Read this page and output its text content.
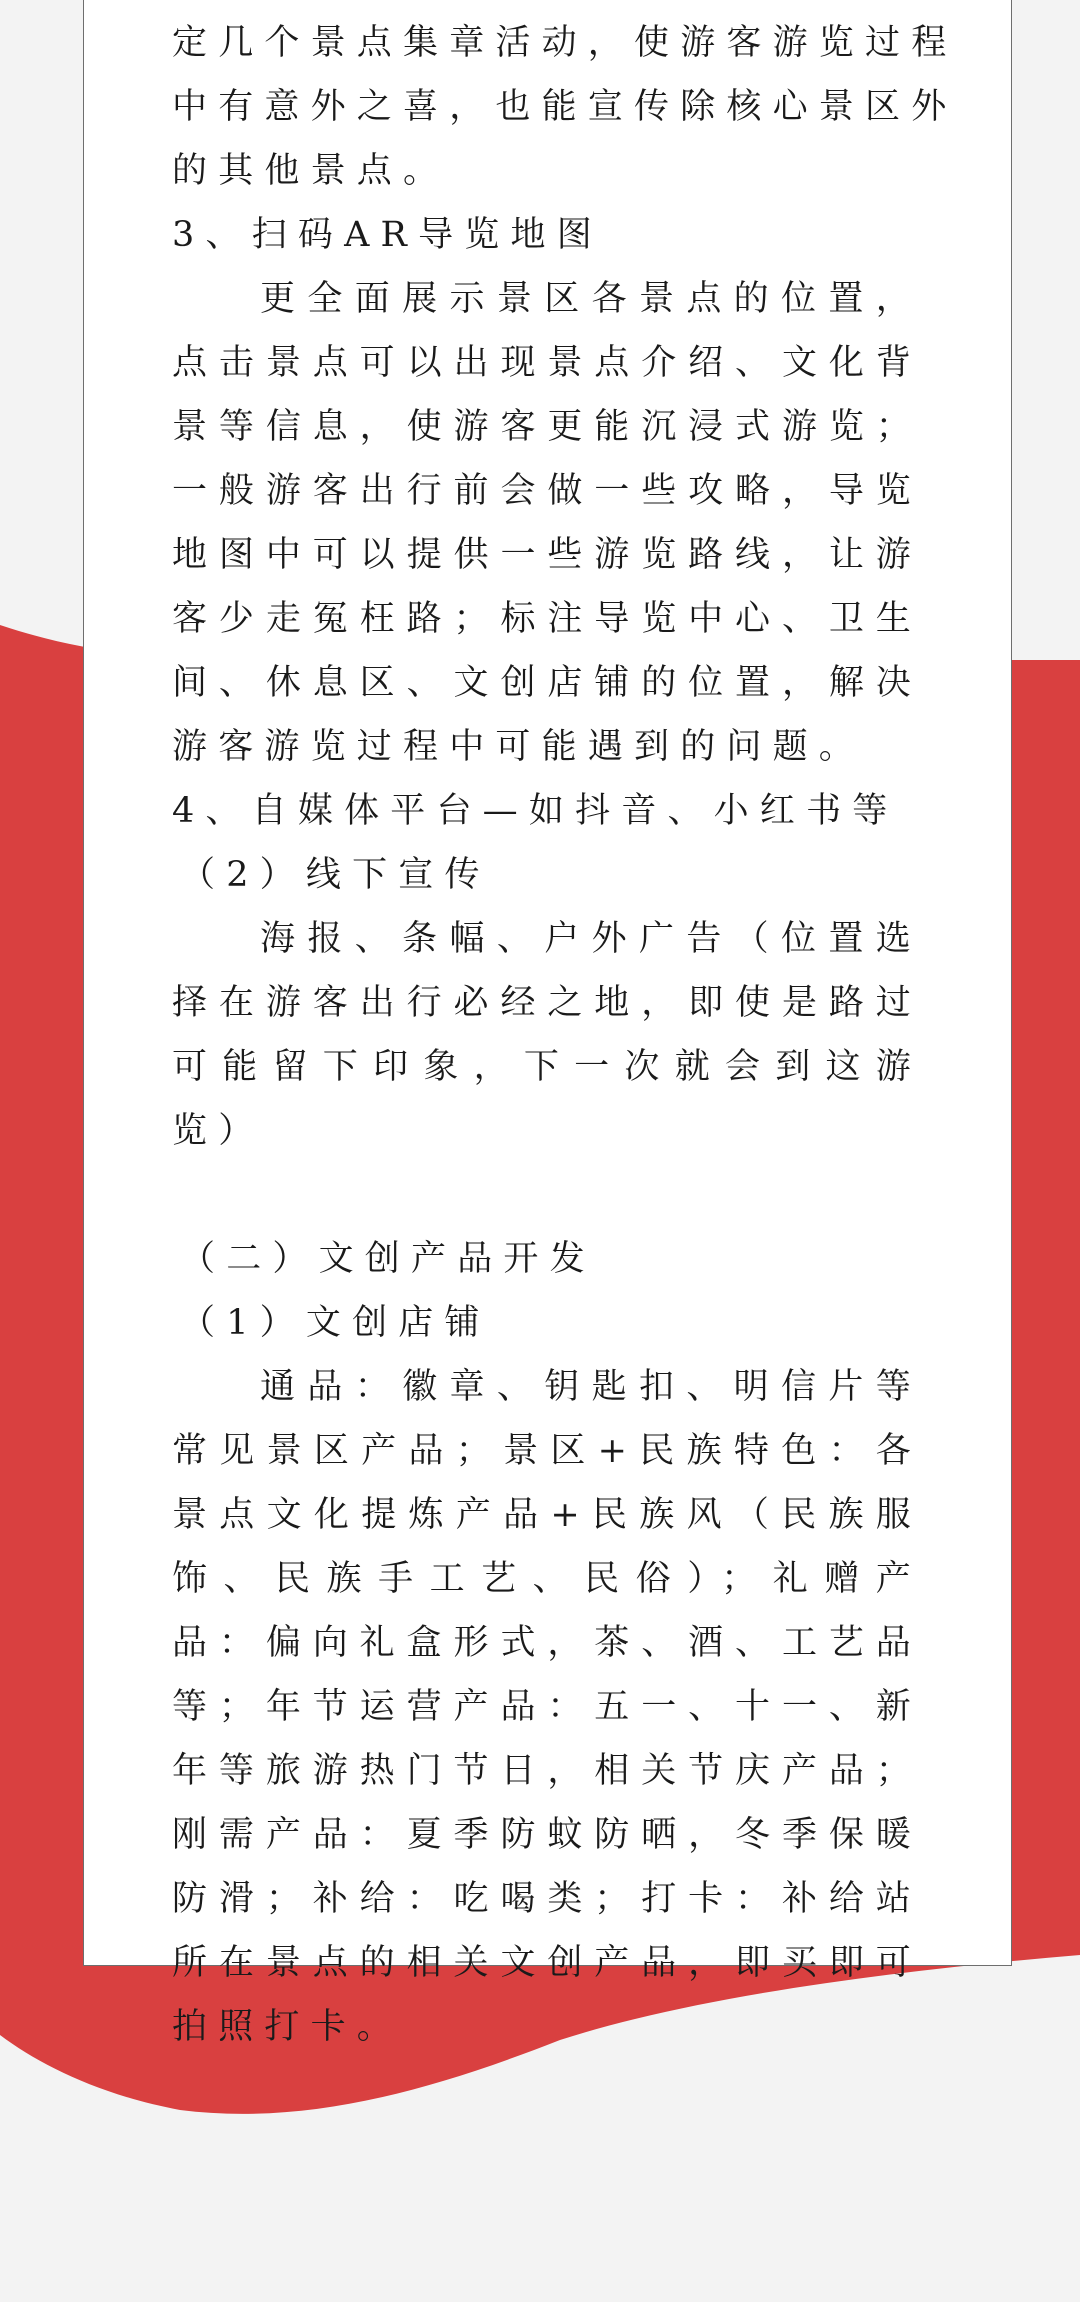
定几个景点集章活动，使游客游览过程

中有意外之喜，也能宣传除核心景区外

的其他景点。

3、扫码AR导览地图

更全面展示景区各景点的位置，点击景点可以出现景点介绍、文化背景等信息，使游客更能沉浸式游览；一般游客出行前会做一些攻略，导览地图中可以提供一些游览路线，让游客少走冤枉路；标注导览中心、卫生间、休息区、文创店铺的位置，解决游客游览过程中可能遇到的问题。

4、自媒体平台—如抖音、小红书等

（2）线下宣传

海报、条幅、户外广告（位置选择在游客出行必经之地，即使是路过可能留下印象，下一次就会到这游览）

（二）文创产品开发

（1）文创店铺

通品：徽章、钥匙扣、明信片等常见景区产品；景区+民族特色：各景点文化提炼产品+民族风（民族服饰、民族手工艺、民俗）；礼赠产品：偏向礼盒形式，茶、酒、工艺品等；年节运营产品：五一、十一、新年等旅游热门节日，相关节庆产品；刚需产品：夏季防蚊防晒，冬季保暖防滑；补给：吃喝类；打卡：补给站所在景点的相关文创产品，即买即可拍照打卡。
